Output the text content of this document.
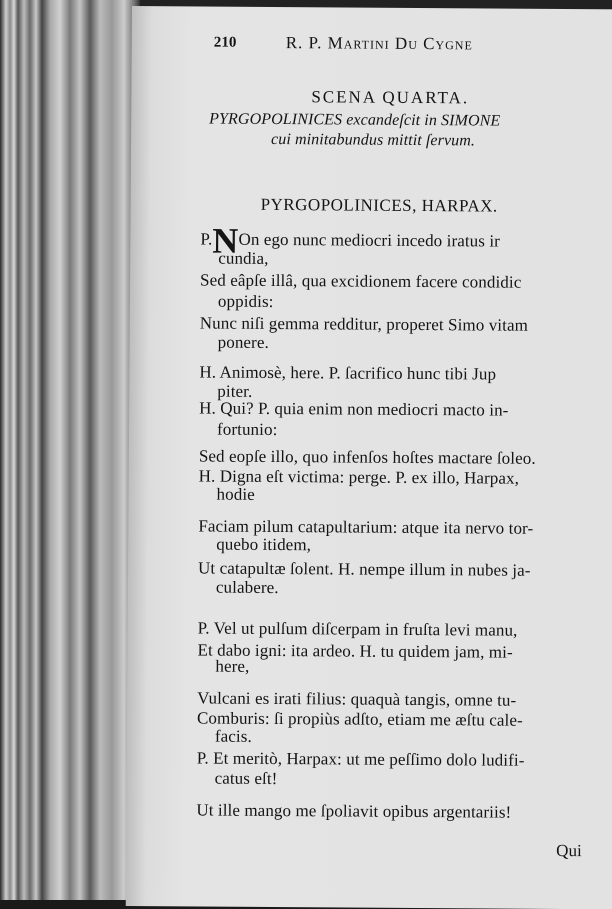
210	R. P. Martini Du Cygne
SCENA QUARTA.
PYRGOPOLINICES excandeſcit in SIMONE
cui minitabundus mittit ſervum.
PYRGOPOLINICES, HARPAX.
P.NOn ego nunc mediocri incedo iratus ir
cundia,
Sed eâpſe illâ, qua excidionem facere condidic
oppidis:
Nunc niſi gemma redditur, properet Simo vitam
ponere.
H. Animosè, here. P. ſacrifico hunc tibi Jup
piter.
H. Qui? P. quia enim non mediocri macto in-
fortunio:
Sed eopſe illo, quo infenſos hoſtes mactare ſoleo.
H. Digna eſt victima: perge. P. ex illo, Harpax,
hodie
Faciam pilum catapultarium: atque ita nervo tor-
quebo itidem,
Ut catapultæ ſolent. H. nempe illum in nubes ja-
culabere.
P. Vel ut pulſum diſcerpam in fruſta levi manu,
Et dabo igni: ita ardeo. H. tu quidem jam, mi-
here,
Vulcani es irati filius: quaquà tangis, omne tu-
Comburis: ſi propiùs adſto, etiam me æſtu cale-
facis.
P. Et meritò, Harpax: ut me peſſimo dolo ludifi-
catus eſt!
Ut ille mango me ſpoliavit opibus argentariis!
Qui
